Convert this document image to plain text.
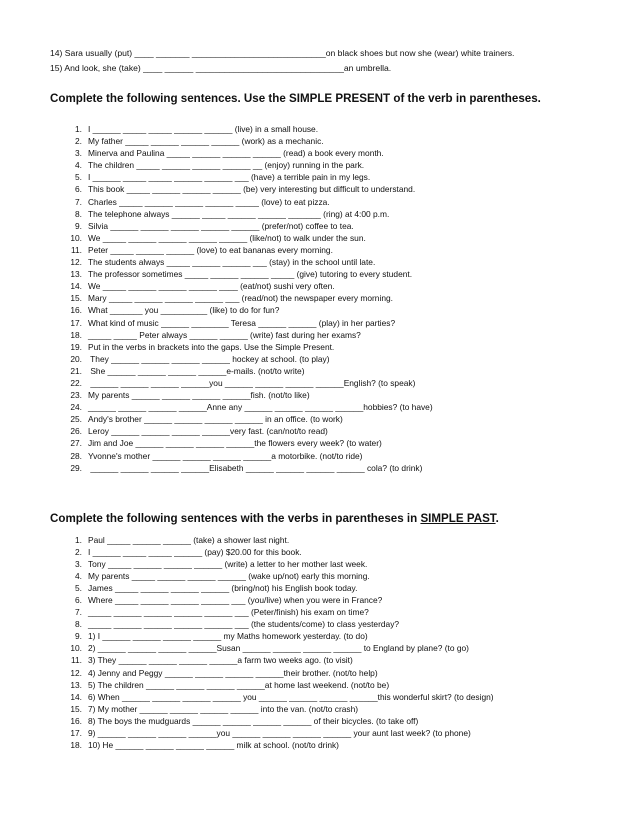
14) Sara usually (put) ____ _______ ____________________________on black shoes but now she (wear) white trainers.
15) And look, she (take) ____ ______ _______________________________an umbrella.
Complete the following sentences. Use the SIMPLE PRESENT of the verb in parentheses.
1. I ______ _____ _____ ______ ______ (live) in a small house.
2. My father _____ ______ ______ ______ (work) as a mechanic.
3. Minerva and Paulina _____ ______ ______ ______ (read) a book every month.
4. The children _____ ______ ______ ______ __ (enjoy) running in the park.
5. I ______ _____ _____ ______ ______ ___ (have) a terrible pain in my legs.
6. This book _____ ______ ______ ______ (be) very interesting but difficult to understand.
7. Charles _____ ______ ______ ______ _____ (love) to eat pizza.
8. The telephone always ______ _____ ______ ______ _______ (ring) at 4:00 p.m.
9. Silvia ______ ______ ______ ______ ______ (prefer/not) coffee to tea.
10. We _____ ______ ______ ______ ______ (like/not) to walk under the sun.
11. Peter _____ ______ ______ (love) to eat bananas every morning.
12. The students always _____ ______ ______ ___ (stay) in the school until late.
13. The professor sometimes _____ ______ ______ _____ (give) tutoring to every student.
14. We _____ ______ ______ ______ ____ (eat/not) sushi very often.
15. Mary _____ ______ ______ ______ ___ (read/not) the newspaper every morning.
16. What _______ you __________ (like) to do for fun?
17. What kind of music ______ ________ Teresa ______ ______ (play) in her parties?
18. _____ _____ Peter always ______ ______ (write) fast during her exams?
19. Put in the verbs in brackets into the gaps. Use the Simple Present.
20. They ______ ______ ______ ______ hockey at school. (to play)
21. She ______ ______ ______ ______e-mails. (not/to write)
22. ______ ______ ______ ______you ______ ______ ______ ______English? (to speak)
23. My parents ______ ______ ______ ______fish. (not/to like)
24. ______ ______ ______ ______Anne any ______ ______ ______ ______hobbies? (to have)
25. Andy's brother ______ ______ ______ ______ in an office. (to work)
26. Leroy ______ ______ ______ ______very fast. (can/not/to read)
27. Jim and Joe ______ ______ ______ ______the flowers every week? (to water)
28. Yvonne's mother ______ ______ ______ ______a motorbike. (not/to ride)
29. ______ ______ ______ ______Elisabeth ______ ______ ______ ______ cola? (to drink)
Complete the following sentences with the verbs in parentheses in SIMPLE PAST.
1. Paul _____ ______ ______ (take) a shower last night.
2. I ______ _____ _____ ______ (pay) $20.00 for this book.
3. Tony _____ ______ ______ ______ (write) a letter to her mother last week.
4. My parents _____ ______ ______ ______ (wake up/not) early this morning.
5. James _____ ______ ______ ______ (bring/not) his English book today.
6. Where _____ ______ ______ ______ ___ (you/live) when you were in France?
7. _____ ______ ______ ______ ______ ___ (Peter/finish) his exam on time?
8. _____ ______ ______ ______ ______ ___ (the students/come) to class yesterday?
9. 1) I ______ ______ ______ ______ my Maths homework yesterday. (to do)
10. 2) ______ ______ ______ ______Susan ______ ______ ______ ______ to England by plane? (to go)
11. 3) They ______ ______ ______ ______a farm two weeks ago. (to visit)
12. 4) Jenny and Peggy ______ ______ ______ ______their brother. (not/to help)
13. 5) The children ______ ______ ______ ______at home last weekend. (not/to be)
14. 6) When ______ ______ ______ ______ you ______ ______ ______ ______this wonderful skirt? (to design)
15. 7) My mother ______ ______ ______ ______ into the van. (not/to crash)
16. 8) The boys the mudguards ______ ______ ______ ______ of their bicycles. (to take off)
17. 9) ______ ______ ______ ______you ______ ______ ______ ______ your aunt last week? (to phone)
18. 10) He ______ ______ ______ ______ milk at school. (not/to drink)
